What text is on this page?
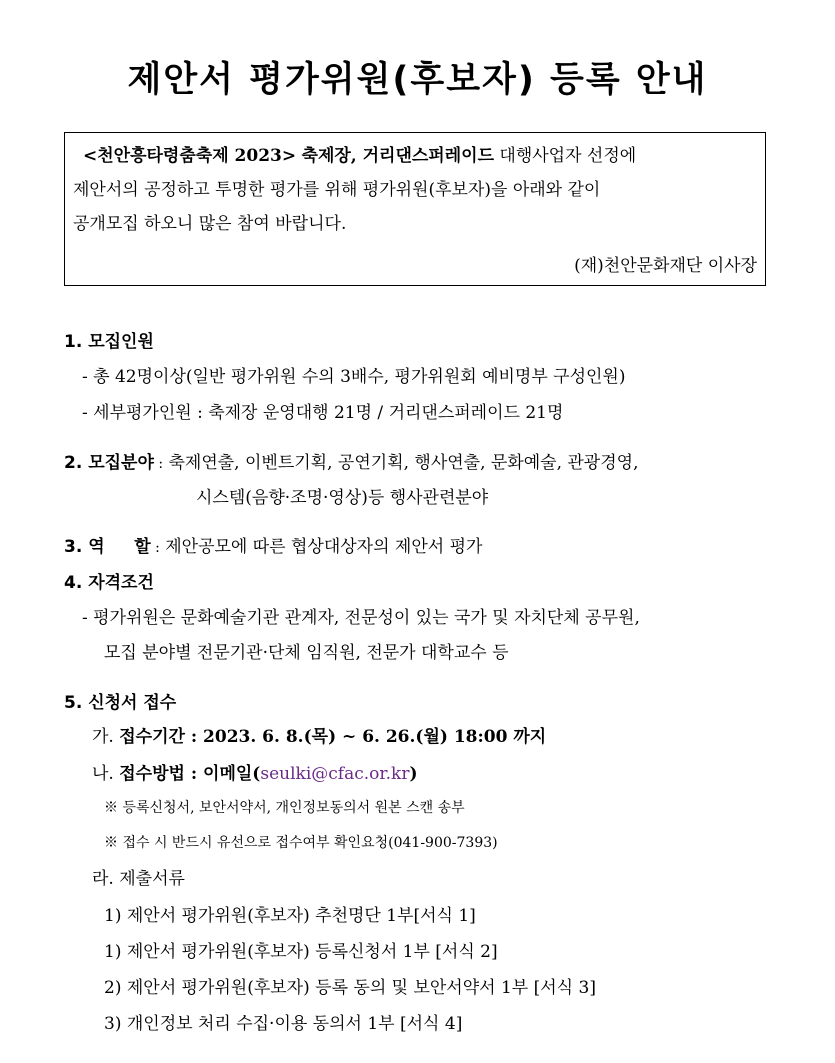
제안서 평가위원(후보자) 등록 안내
<천안흥타령춤축제 2023> 축제장, 거리댄스퍼레이드 대행사업자 선정에
제안서의 공정하고 투명한 평가를 위해 평가위원(후보자)을 아래와 같이
공개모집 하오니 많은 참여 바랍니다.
(재)천안문화재단 이사장
1. 모집인원
- 총 42명이상(일반 평가위원 수의 3배수, 평가위원회 예비명부 구성인원)
- 세부평가인원 : 축제장 운영대행 21명 / 거리댄스퍼레이드 21명
2. 모집분야 : 축제연출, 이벤트기획, 공연기획, 행사연출, 문화예술, 관광경영,
시스템(음향·조명·영상)등 행사관련분야
3. 역     할 : 제안공모에 따른 협상대상자의 제안서 평가
4. 자격조건
- 평가위원은 문화예술기관 관계자, 전문성이 있는 국가 및 자치단체 공무원,
모집 분야별 전문기관·단체 임직원, 전문가 대학교수 등
5. 신청서 접수
가. 접수기간 : 2023. 6. 8.(목) ~ 6. 26.(월) 18:00 까지
나. 접수방법 : 이메일(seulki@cfac.or.kr)
※ 등록신청서, 보안서약서, 개인정보동의서 원본 스캔 송부
※ 접수 시 반드시 유선으로 접수여부 확인요청(041-900-7393)
라. 제출서류
1) 제안서 평가위원(후보자) 추천명단 1부[서식 1]
1) 제안서 평가위원(후보자) 등록신청서 1부 [서식 2]
2) 제안서 평가위원(후보자) 등록 동의 및 보안서약서 1부 [서식 3]
3) 개인정보 처리 수집·이용 동의서 1부 [서식 4]
